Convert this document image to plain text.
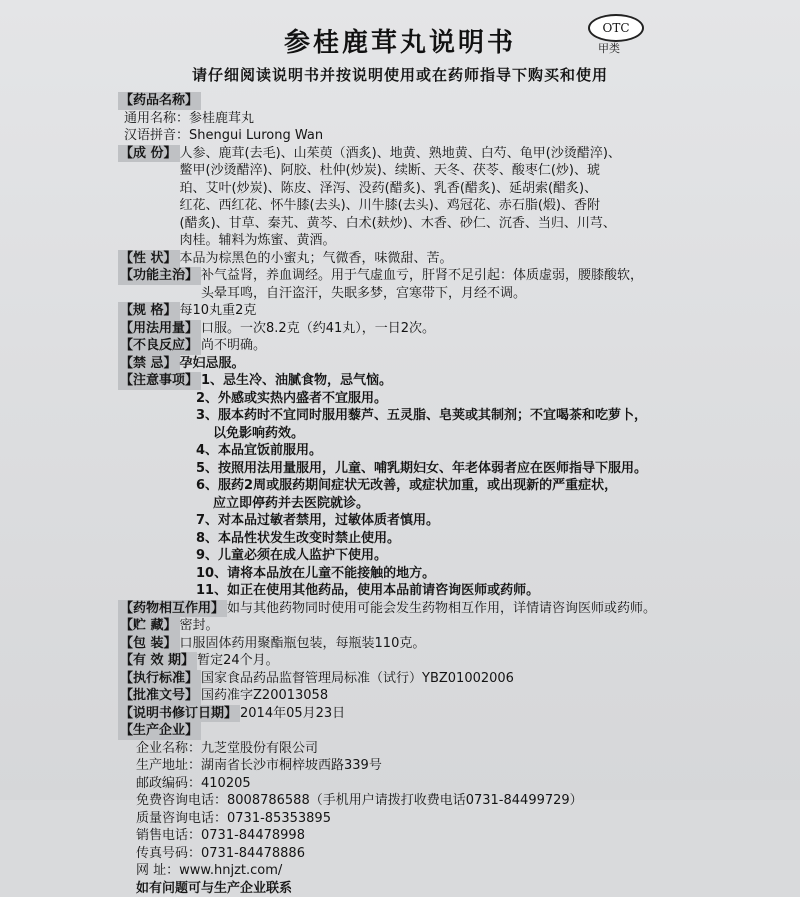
参桂鹿茸丸说明书	OTC
甲类
请仔细阅读说明书并按说明使用或在药师指导下购买和使用
【药品名称】
通用名称： 参桂鹿茸丸
汉语拼音： Shengui Lurong Wan
【成 份】 人参、鹿茸(去毛)、山茱萸（酒炙)、地黄、熟地黄、白芍、龟甲(沙烫醋淬)、
鳖甲(沙烫醋淬)、阿胶、杜仲(炒炭)、续断、天冬、茯苓、酸枣仁(炒)、琥
珀、艾叶(炒炭)、陈皮、泽泻、没药(醋炙)、乳香(醋炙)、延胡索(醋炙)、
红花、西红花、怀牛膝(去头)、川牛膝(去头)、鸡冠花、赤石脂(煅)、香附
(醋炙)、甘草、秦艽、黄芩、白术(麸炒)、木香、砂仁、沉香、当归、川芎、
肉桂。辅料为炼蜜、黄酒。
【性 状】 本品为棕黑色的小蜜丸；气微香，味微甜、苦。
【功能主治】 补气益肾，养血调经。用于气虚血亏，肝肾不足引起：体质虚弱，腰膝酸软，
头晕耳鸣，自汗盗汗，失眠多梦，宫寒带下，月经不调。
【规 格】 每10丸重2克
【用法用量】 口服。一次8.2克（约41丸），一日2次。
【不良反应】 尚不明确。
【禁 忌】 孕妇忌服。
【注意事项】 1、忌生冷、油腻食物，忌气恼。
2、外感或实热内盛者不宜服用。
3、服本药时不宜同时服用藜芦、五灵脂、皂荚或其制剂；不宜喝茶和吃萝卜，
以免影响药效。
4、本品宜饭前服用。
5、按照用法用量服用，儿童、哺乳期妇女、年老体弱者应在医师指导下服用。
6、服药2周或服药期间症状无改善，或症状加重，或出现新的严重症状，
应立即停药并去医院就诊。
7、对本品过敏者禁用，过敏体质者慎用。
8、本品性状发生改变时禁止使用。
9、儿童必须在成人监护下使用。
10、请将本品放在儿童不能接触的地方。
11、如正在使用其他药品，使用本品前请咨询医师或药师。
【药物相互作用】 如与其他药物同时使用可能会发生药物相互作用，详情请咨询医师或药师。
【贮 藏】 密封。
【包 装】 口服固体药用聚酯瓶包装，每瓶装110克。
【有 效 期】 暂定24个月。
【执行标准】 国家食品药品监督管理局标准（试行）YBZ01002006
【批准文号】 国药准字Z20013058
【说明书修订日期】 2014年05月23日
【生产企业】
企业名称： 九芝堂股份有限公司
生产地址： 湖南省长沙市桐梓坡西路339号
邮政编码： 410205
免费咨询电话： 8008786588（手机用户请拨打收费电话0731-84499729）
质量咨询电话： 0731-85353895
销售电话： 0731-84478998
传真号码： 0731-84478886
网 址： www.hnjzt.com/
如有问题可与生产企业联系
